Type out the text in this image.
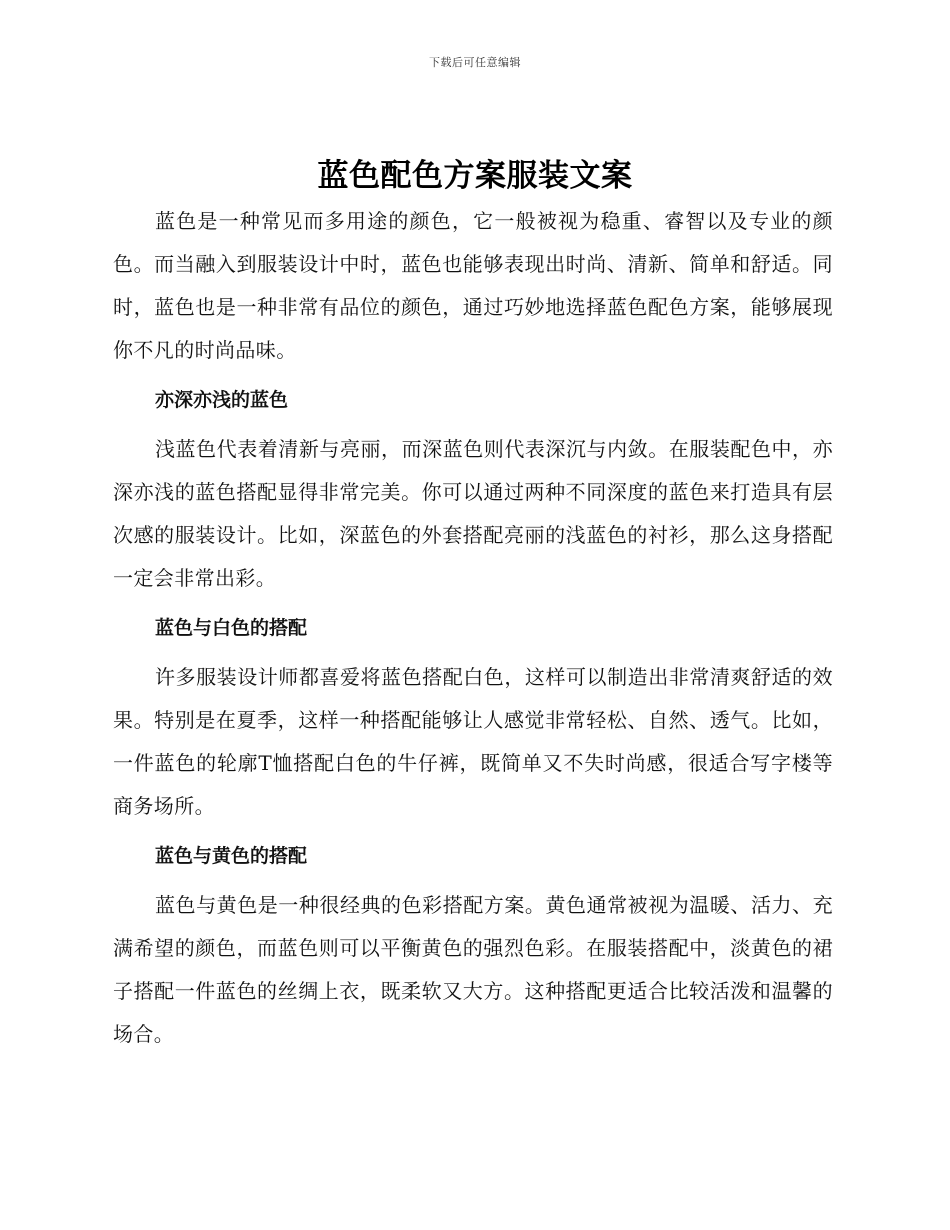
下载后可任意编辑
蓝色配色方案服装文案

蓝色是一种常见而多用途的颜色，它一般被视为稳重、睿智以及专业的颜色。而当融入到服装设计中时，蓝色也能够表现出时尚、清新、简单和舒适。同时，蓝色也是一种非常有品位的颜色，通过巧妙地选择蓝色配色方案，能够展现你不凡的时尚品味。

亦深亦浅的蓝色

浅蓝色代表着清新与亮丽，而深蓝色则代表深沉与内敛。在服装配色中，亦深亦浅的蓝色搭配显得非常完美。你可以通过两种不同深度的蓝色来打造具有层次感的服装设计。比如，深蓝色的外套搭配亮丽的浅蓝色的衬衫，那么这身搭配一定会非常出彩。

蓝色与白色的搭配

许多服装设计师都喜爱将蓝色搭配白色，这样可以制造出非常清爽舒适的效果。特别是在夏季，这样一种搭配能够让人感觉非常轻松、自然、透气。比如，一件蓝色的轮廓T恤搭配白色的牛仔裤，既简单又不失时尚感，很适合写字楼等商务场所。

蓝色与黄色的搭配

蓝色与黄色是一种很经典的色彩搭配方案。黄色通常被视为温暖、活力、充满希望的颜色，而蓝色则可以平衡黄色的强烈色彩。在服装搭配中，淡黄色的裙子搭配一件蓝色的丝绸上衣，既柔软又大方。这种搭配更适合比较活泼和温馨的场合。
